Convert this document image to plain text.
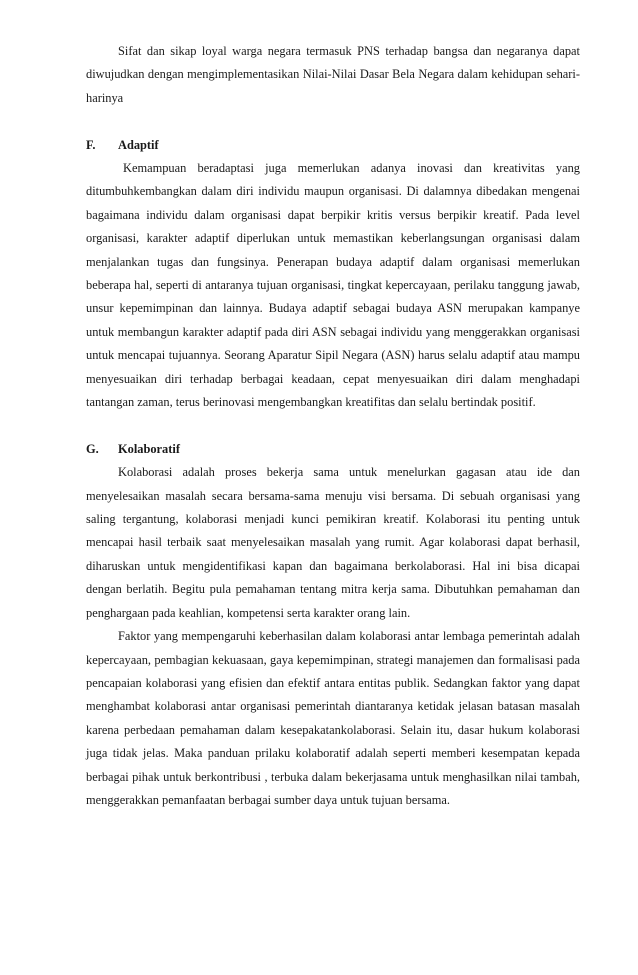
Sifat dan sikap loyal warga negara termasuk PNS terhadap bangsa dan negaranya dapat diwujudkan dengan mengimplementasikan Nilai-Nilai Dasar Bela Negara dalam kehidupan sehari-harinya

F.	Adaptif

Kemampuan beradaptasi juga memerlukan adanya inovasi dan kreativitas yang ditumbuhkembangkan dalam diri individu maupun organisasi. Di dalamnya dibedakan mengenai bagaimana individu dalam organisasi dapat berpikir kritis versus berpikir kreatif. Pada level organisasi, karakter adaptif diperlukan untuk memastikan keberlangsungan organisasi dalam menjalankan tugas dan fungsinya. Penerapan budaya adaptif dalam organisasi memerlukan beberapa hal, seperti di antaranya tujuan organisasi, tingkat kepercayaan, perilaku tanggung jawab, unsur kepemimpinan dan lainnya. Budaya adaptif sebagai budaya ASN merupakan kampanye untuk membangun karakter adaptif pada diri ASN sebagai individu yang menggerakkan organisasi untuk mencapai tujuannya. Seorang Aparatur Sipil Negara (ASN) harus selalu adaptif atau mampu menyesuaikan diri terhadap berbagai keadaan, cepat menyesuaikan diri dalam menghadapi tantangan zaman, terus berinovasi mengembangkan kreatifitas dan selalu bertindak positif.

G.	Kolaboratif

Kolaborasi adalah proses bekerja sama untuk menelurkan gagasan atau ide dan menyelesaikan masalah secara bersama-sama menuju visi bersama. Di sebuah organisasi yang saling tergantung, kolaborasi menjadi kunci pemikiran kreatif. Kolaborasi itu penting untuk mencapai hasil terbaik saat menyelesaikan masalah yang rumit. Agar kolaborasi dapat berhasil, diharuskan untuk mengidentifikasi kapan dan bagaimana berkolaborasi. Hal ini bisa dicapai dengan berlatih. Begitu pula pemahaman tentang mitra kerja sama. Dibutuhkan pemahaman dan penghargaan pada keahlian, kompetensi serta karakter orang lain.

Faktor yang mempengaruhi keberhasilan dalam kolaborasi antar lembaga pemerintah adalah kepercayaan, pembagian kekuasaan, gaya kepemimpinan, strategi manajemen dan formalisasi pada pencapaian kolaborasi yang efisien dan efektif antara entitas publik. Sedangkan faktor yang dapat menghambat kolaborasi antar organisasi pemerintah diantaranya ketidak jelasan batasan masalah karena perbedaan pemahaman dalam kesepakatankolaborasi. Selain itu, dasar hukum kolaborasi juga tidak jelas. Maka panduan prilaku kolaboratif adalah seperti memberi kesempatan kepada berbagai pihak untuk berkontribusi , terbuka dalam bekerjasama untuk menghasilkan nilai tambah, menggerakkan pemanfaatan berbagai sumber daya untuk tujuan bersama.
